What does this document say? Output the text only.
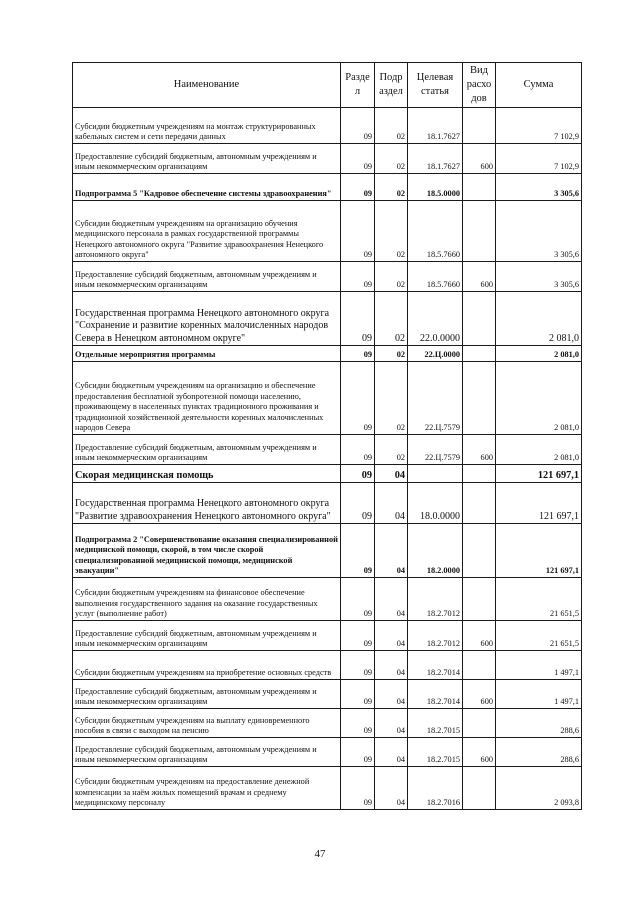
Наименование	Разде л	Подр аздел	Целевая статья	Вид расхо дов	Сумма
Субсидии бюджетным учреждениям на монтаж структурированных кабельных систем и сети передачи данных	09	02	18.1.7627		7 102,9
Предоставление субсидий бюджетным, автономным учреждениям и иным некоммерческим организациям	09	02	18.1.7627	600	7 102,9
Подпрограмма 5 "Кадровое обеспечение системы здравоохранения"	09	02	18.5.0000		3 305,6
Субсидии бюджетным учреждениям на организацию обучения медицинского персонала в рамках государственной программы Ненецкого автономного округа "Развитие здравоохранения Ненецкого автономного округа"	09	02	18.5.7660		3 305,6
Предоставление субсидий бюджетным, автономным учреждениям и иным некоммерческим организациям	09	02	18.5.7660	600	3 305,6
Государственная программа Ненецкого автономного округа "Сохранение и развитие коренных малочисленных народов Севера в Ненецком автономном округе"	09	02	22.0.0000		2 081,0
Отдельные мероприятия программы	09	02	22.Ц.0000		2 081,0
Субсидии бюджетным учреждениям на организацию и обеспечение предоставления бесплатной зубопротезной помощи населению, проживающему в населенных пунктах традиционного проживания и традиционной хозяйственной деятельности коренных малочисленных народов Севера	09	02	22.Ц.7579		2 081,0
Предоставление субсидий бюджетным, автономным учреждениям и иным некоммерческим организациям	09	02	22.Ц.7579	600	2 081,0
Скорая медицинская помощь	09	04			121 697,1
Государственная программа Ненецкого автономного округа "Развитие здравоохранения Ненецкого автономного округа"	09	04	18.0.0000		121 697,1
Подпрограмма 2 "Совершенствование оказания специализированной медицинской помощи, скорой, в том числе скорой специализированной медицинской помощи, медицинской эвакуации"	09	04	18.2.0000		121 697,1
Субсидии бюджетным учреждениям на финансовое обеспечение выполнения государственного задания на оказание государственных услуг (выполнение работ)	09	04	18.2.7012		21 651,5
Предоставление субсидий бюджетным, автономным учреждениям и иным некоммерческим организациям	09	04	18.2.7012	600	21 651,5
Субсидии бюджетным учреждениям на приобретение основных средств	09	04	18.2.7014		1 497,1
Предоставление субсидий бюджетным, автономным учреждениям и иным некоммерческим организациям	09	04	18.2.7014	600	1 497,1
Субсидии бюджетным учреждениям на выплату единовременного пособия в связи с выходом на пенсию	09	04	18.2.7015		288,6
Предоставление субсидий бюджетным, автономным учреждениям и иным некоммерческим организациям	09	04	18.2.7015	600	288,6
Субсидии бюджетным учреждениям на предоставление денежной компенсации за наём жилых помещений врачам и среднему медицинскому персоналу	09	04	18.2.7016		2 093,8
47
